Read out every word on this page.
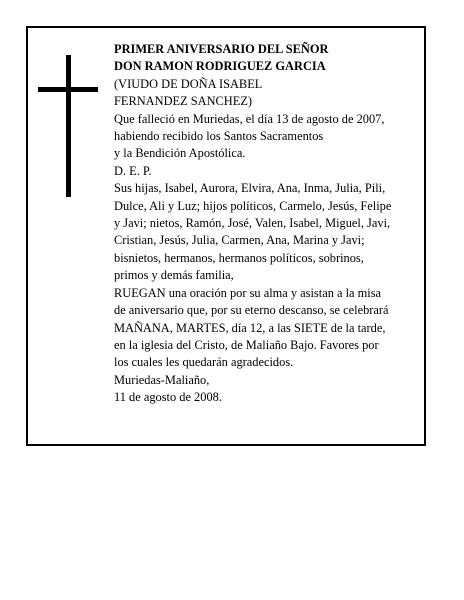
PRIMER ANIVERSARIO DEL SEÑOR
DON RAMON RODRIGUEZ GARCIA
(VIUDO DE DOÑA ISABEL
FERNANDEZ SANCHEZ)
Que falleció en Muriedas, el día 13 de agosto de 2007,
habiendo recibido los Santos Sacramentos
y la Bendición Apostólica.
D. E. P.
Sus hijas, Isabel, Aurora, Elvira, Ana, Inma, Julia, Pili,
Dulce, Ali y Luz; hijos políticos, Carmelo, Jesús, Felipe
y Javi; nietos, Ramón, José, Valen, Isabel, Miguel, Javi,
Cristian, Jesús, Julia, Carmen, Ana, Marina y Javi;
bisnietos, hermanos, hermanos políticos, sobrinos,
primos y demás familia,
RUEGAN una oración por su alma y asistan a la misa
de aniversario que, por su eterno descanso, se celebrará
MAÑANA, MARTES, día 12, a las SIETE de la tarde,
en la iglesia del Cristo, de Maliaño Bajo. Favores por
los cuales les quedarán agradecidos.
Muriedas-Maliaño,
11 de agosto de 2008.
